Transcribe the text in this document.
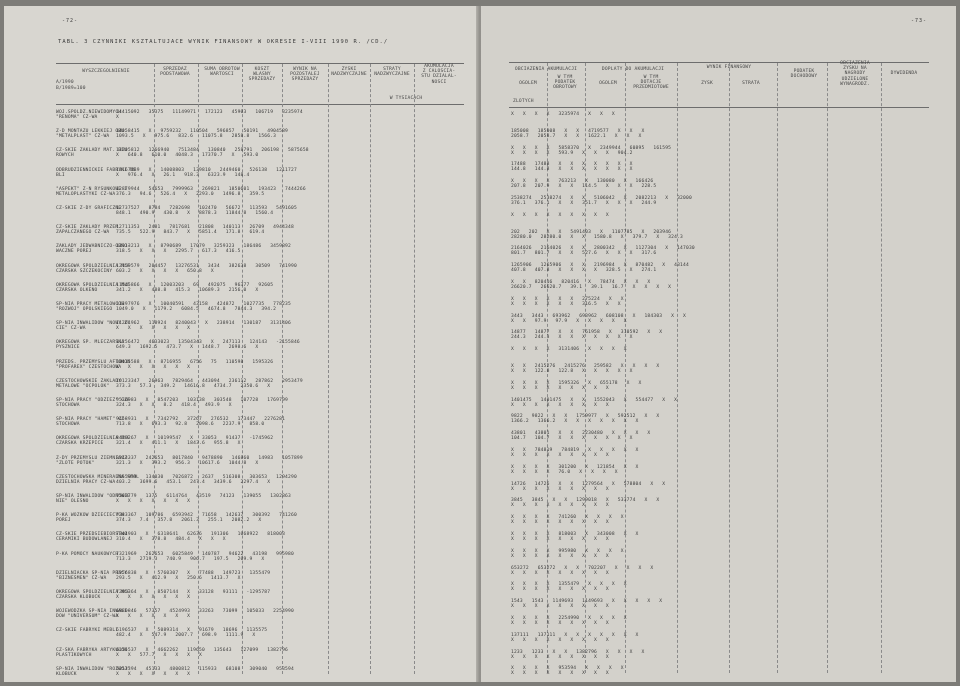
-72-
TABL. 3 CZYNNIKI KSZTALTUJACE WYNIK FINANSOWY W OKRESIE I-VIII 1990 R. /CD./
WYSZCZEGOLNIENIE
A/1990
B/1989=100
SPRZEDAZ
PODSTAWOWA
SUMA OBROTOW
WARTOSCI
KOSZT
WLASNY
SPRZEDAZY
WYNIK NA
POZOSTALEJ
SPRZEDAZY
ZYSKI
NADZWYCZAJNE
STRATY
NADZWYCZAJNE
AKUMULACJA
Z CALOSCIA-
STU DZIALAL-
NOSCI
W TYSIACACH
WOJ.SPOLDZ.NIEWIDOMYCH
"RENOMA" CZ-WA
14415092   35375   11149971   172123   45903   106719   3235974
X
Z-D MONTAZU LEKKIEJ OBU.
"METALPLAST" CZ-WA
14058415   X   9759232   110504   596857   50191   4904589
1093.5   X   975.6   832.6   11075.8   2858.8   1566.3
CZ-SKIE ZAKLADY MAT. BIU
ROWYCH
13205812   1266940   7513484   130840   258791   206198   5875658
X   640.8   610.0   4048.3   17370.7   X   593.0
ODBRUDZIENNICKIE FABRYKI ME
BLI
13167289   X   14008803   139810   2449460   526138   1211727
X   976.4   X   26.1   918.3   6323.9   148.4
"ASPEKT" Z-N RYSUNKOWE I
METALOPLASTYKI CZ-WA
12879944   54653   7999963   269821   1850601   193423   7444266
376.3   94.6   526.4   X   2293.0   1496.8   359.5
CZ-SKIE Z-DY GRAFICZNE
12737527   8784   7282698   102470   56672   113593   5491605
848.1   490.9   430.8   X   8878.3   11844.8   1560.4
CZ-SKIE ZAKLADY PRZEM.
ZAPALCZANEGO CZ-WA
12711353   2481   7817681   21808   140113   26709   4944348
735.5   522.9   843.7   X   5851.4   171.8   619.4
ZAKLADY JEDWABNICZO-OBKO-
WACZNE POREJ
12313213   X   8790689   17079   3259323   186486   3459892
318.5   X   X   X   2295.7   617.3   416.5
OKREGOWA SPOLDZIELNIA MLE
CZARSKA SZCZEKOCINY
12159579   204457   13276531   3434   382638   30509   741990
603.2   X   X   X   X   650.8   X
OKREGOWA SPOLDZIELNIA MLE
CZARSKA OLKENO
11545866   X   12003203   69   492075   96377   92605
341.2   X   488.8   415.3   10689.3   2156.0   X
SP-NIA PRACY METALOWCOW
"ROZWOJ" OPOLSKIEGO
11397976   X   10040591   43158   424872   1027735   778235
1049.0   X   1179.2   6084.5   4674.8   7844.3   394.2
SP-NIA INWALIDOW "NOWY ZY
CIE" CZ-WA
11261962   118924   8240043   X   238914   130187   3131406
X   X   X   X   X   X   X
OKREGOWA SP. MLECZARSKA
PYSZNICE
11256472   4633023   13504343   X   247113   124143   -2155846
649.3   1692.5   473.7   X   1448.7   2698.6   X
PRZEDS. PRZEMYSLU AFTONON
"PROFAREX" CZESTOCHOWA
10415588   X   8716955   6756   75   110598   1595326
X   X   X   X   X   X   X
CZESTOCHOWSKIE ZAKLADY
METALOWE "OCPOLOK"
10123347   26963   7829464   443094   236112   287862   2953479
373.3   57.3   349.2   14616.8   4734.7   2350.6   X
SP-NIA PRACY "ODZIEZ" CZE
STOCHOWA
9536983   X   8547203   103138   303548   107728   1769799
324.3   X   X   8.2   418.4   493.9   X
SP-NIA PRACY "HAMET" CZ-
STOCHOWA
9458931   X   7342792   37267   276532   173447   2276281
713.8   X   693.3   92.8   2098.6   2237.9   858.0
OKREGOWA SPOLDZIELNIA MLE
CZARSKA KRZEPICE
8429267   X   10199547   X   33053   91437   -1745962
321.4   X   411.1   X   1843.6   955.8   X
Z-DY PRZEMYSLU ZIEMNIACZ.
"ZLOTE POTOK"
8243337   242653   8017840   9478890   146860   14983   1057899
321.3   X   393.2   956.3   10617.6   1044.8   X
CZESTOCHOWSKA MINERALNA SPOL
DZIELNIA PRACY CZ-WA
7865959   134030   7026872   2637   516308   303653   1294290
403.2   3699.6   453.1   247.4   3439.6   2297.4   X
SP-NIA INWALIDOW "ODNOWIE
NIE" OLESNO
7503779   1375   6114764   43519   74123   139055   1302863
X   X   X   X   X   X   X
P-KA WOZKOW DZIECIECYCH
POREJ
7383367   109786   6593942   71658   142637   300392   741260
374.3   7.4   357.8   2061.3   255.1   2082.2   X
CZ-SKIE PRZEDSIEBIORSTWO
CERAMIKI BUDOWLANEJ
7344903   X   6318641   62636   191306   1068922   818003
310.4   X   378.8   484.4   X   X   X
P-KA POMOCY NAUKOWYCH
7321969   262653   6025849   140787   94622   43198   995980
713.3   2719.3   740.9   906.7   197.5   209.9   X
DZIELNIACKA SP-NIA PRACY
"BIZNESMEN" CZ-WA
7256838   X   5760307   X   77488   149723   1355479
293.5   X   412.9   X   250.6   1413.7   X
OKREGOWA SPOLDZIELNIA MLE
CZARSKA KLOBUCK
7205364   X   8507144   X   33128   93111   -1295787
X   X   X   X   X   X   X
WOJEWODZKA SP-NIA INWALI-
DOW "UNIVERSUM" CZ-WA
6880846   57357   4524993   33263   73099   105033   2254990
X   X   X   X   X   X   X
CZ-SKIE FABRYKI MEBLI
6196537   X   5089314   X   91679   18696   1135575
482.4   X   547.9   2007.7   698.9   1111.9   X
CZ-SKA FABRYKA ARTYKULOW
PLASTIKOWYCH
6155537   X   4662262   119650   135643   127099   1382796
X   X   577.7   X   X   X   X
SP-NIA INWALIDOW "ROZWOJ"
KLOBUCK
5253394   45133   4800812   115933   68108   309040   953594
X   X   X   X   X   X   X
-73-
OBCIAZENIA AKUMULACJI
OGOLEM
W TYM
PODATEK
OBROTOWY
DOPLATY DO AKUMULACJI
OGOLEM
W TYM
DOTACJE
PRZEDMIOTOWE
WYNIK FINANSOWY
ZYSK	STRATA
PODATEK
DOCHODOWY
OBCIAZENIA
ZYSKU NA
NAGRODY
UDZIELONE
WYNAGRODZ.
DYWIDENDA
ZLOTYCH
X   X   X   X   3235974   X   X   X
185008   185008   X   X   4719577   X   X   X
2058.7   2058.7   X   X   1622.1   X   X   X
X   X   X   X   5858370   X   2349944   60895   161595
X   X   X   X   593.9   X   X   X   904.2
17488   17488   X   X   X   X   X   X   X
144.8   144.8   X   X   X   X   X   X   X
X   X   X   X   763213   X   130080   X   166426
207.8   207.9   X   X   114.5   X   X   X   228.5
2538274   2538274   X   X   5106042   X   2082213   X   32000
376.1   376.1   X   X   351.7   X   X   X   244.9
X   X   X   X   X   X   X   X   X
202   202   X   X   5491403   X   1107785   X   203946
28280.0   28280.0   X   X   1580.8   X   379.7   X   324.3
2164026   2164026   X   X   2800342   X   1127304   X   147030
801.7   801.7   X   X   527.6   X   X   X   317.6
1265906   1265906   X   X   2196984   X   870482   X   43144
407.8   407.8   X   X   X   X   328.5   X   274.1
X   X   820416   820416   X   78474   X   X   X
26620.7   26620.7   39.1   39.1   16.7   X   X   X   X
X   X   X   X   X   X   275224   X   X
X   X   X   X   X   X   316.5   X   X
3443   3443   693962   693962   608108   X   184303   X   X
X   X   97.9   97.9   X   X   X   X   X
14877   14877   X   X   761958   X   310592   X   X
244.3   244.3   X   X   X   X   X   X   X
X   X   X   X   3131406   X   X   X   X
X   X   2415276   2415276   259582   X   X   X   X
X   X   122.8   122.8   X   X   X   X   X
X   X   X   X   1595326   X   655178   X   X
X   X   X   X   X   X   X   X   X
1401475   1401475   X   X   1552043   X   554477   X   X
X   X   X   X   X   X   X   X   X
9822   9822   X   X   1759977   X   592512   X   X
1366.2   1366.2   X   X   X   X   X   X   X
43801   43801   X   X   2230480   X   X   X   X
104.7   104.7   X   X   X   X   X   X   X
X   X   784819   784819   X   X   X   X   X
X   X   X   X   X   X   X   X   X
X   X   X   X   301200   X   121854   X   X
X   X   X   X   76.0   X   X   X   X
14726   14726   X   X   1279564   X   578804   X   X
X   X   X   X   X   X   X   X   X
3845   3845   X   X   1299018   X   533774   X   X
X   X   X   X   X   X   X   X   X
X   X   X   X   741260   X   X   X   X
X   X   X   X   X   X   X   X   X
X   X   X   X   818003   X   343008   X   X
X   X   X   X   X   X   X   X   X
X   X   X   X   995980   X   X   X   X
X   X   X   X   X   X   X   X   X
653272   653272   X   X   702207   X   X   X   X
X   X   X   X   X   X   X   X   X
X   X   X   X   1355479   X   X   X   X
X   X   X   X   X   X   X   X   X
1543   1543   1149693   1149693   X   X   X   X   X
X   X   X   X   X   X   X   X   X
X   X   X   X   2254990   X   X   X   X
X   X   X   X   X   X   X   X   X
137111   137111   X   X   X   X   X   X   X
X   X   X   X   X   X   X   X   X
1233   1233   X   X   1382796   X   X   X   X
X   X   X   X   X   X   X   X   X
X   X   X   X   953594   X   X   X   X
X   X   X   X   X   X   X   X   X
